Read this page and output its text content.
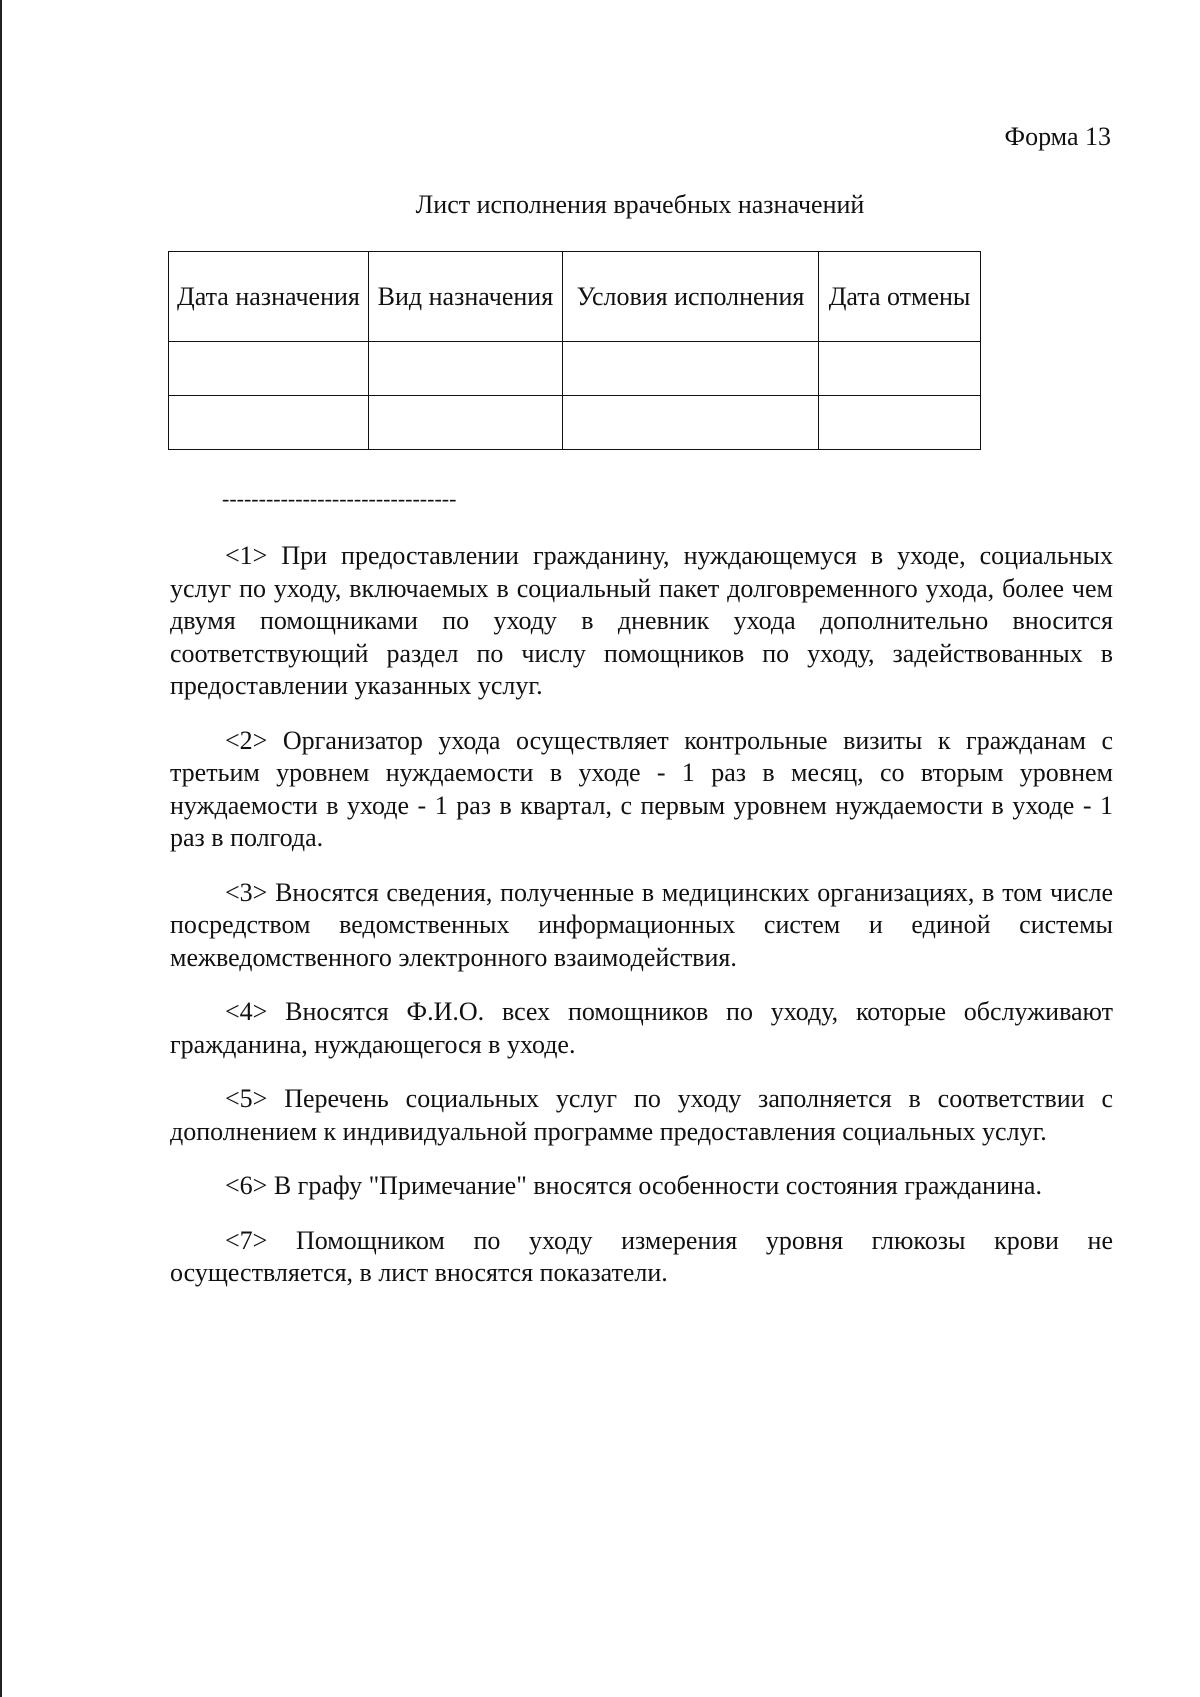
Форма 13
Лист исполнения врачебных назначений
Дата назначения	Вид назначения	Условия исполнения	Дата отмены

--------------------------------

<1> При предоставлении гражданину, нуждающемуся в уходе, социальных услуг по уходу, включаемых в социальный пакет долговременного ухода, более чем двумя помощниками по уходу в дневник ухода дополнительно вносится соответствующий раздел по числу помощников по уходу, задействованных в предоставлении указанных услуг.

<2> Организатор ухода осуществляет контрольные визиты к гражданам с третьим уровнем нуждаемости в уходе - 1 раз в месяц, со вторым уровнем нуждаемости в уходе - 1 раз в квартал, с первым уровнем нуждаемости в уходе - 1 раз в полгода.

<3> Вносятся сведения, полученные в медицинских организациях, в том числе посредством ведомственных информационных систем и единой системы межведомственного электронного взаимодействия.

<4> Вносятся Ф.И.О. всех помощников по уходу, которые обслуживают гражданина, нуждающегося в уходе.

<5> Перечень социальных услуг по уходу заполняется в соответствии с дополнением к индивидуальной программе предоставления социальных услуг.

<6> В графу "Примечание" вносятся особенности состояния гражданина.

<7> Помощником по уходу измерения уровня глюкозы крови не осуществляется, в лист вносятся показатели.
